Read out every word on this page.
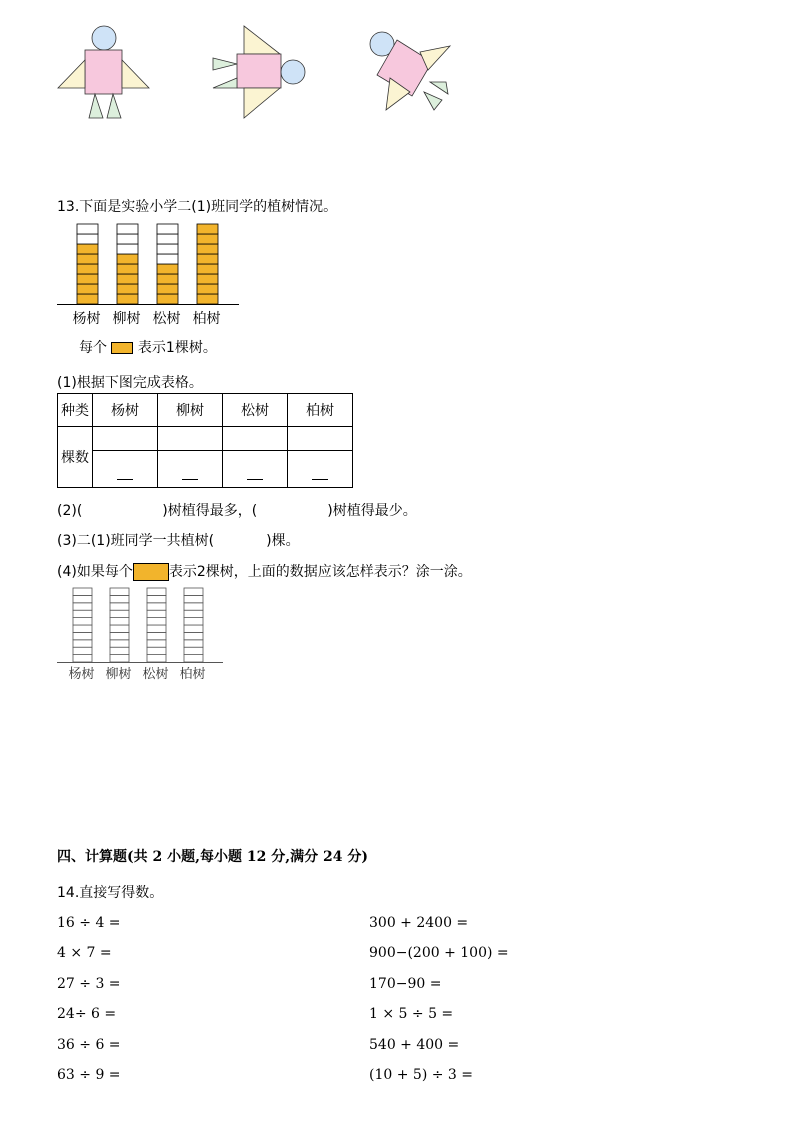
13.下面是实验小学二(1)班同学的植树情况。
杨树 柳树 松树 柏树
每个 表示1棵树。
(1)根据下图完成表格。
种类	杨树	柳树	松树	柏树
棵数				

(2)(	)树植得最多，(	)树植得最少。
(3)二(1)班同学一共植树(	)棵。
(4)如果每个	表示2棵树，上面的数据应该怎样表示？涂一涂。
杨树 柳树 松树 柏树
四、计算题(共 2 小题,每小题 12 分,满分 24 分)
14.直接写得数。
16 ÷ 4 =
4 × 7 =
27 ÷ 3 =
24÷ 6 =
36 ÷ 6 =
63 ÷ 9 =
300 + 2400 =
900−(200 + 100) =
170−90 =
1 × 5 ÷ 5 =
540 + 400 =
(10 + 5) ÷ 3 =
